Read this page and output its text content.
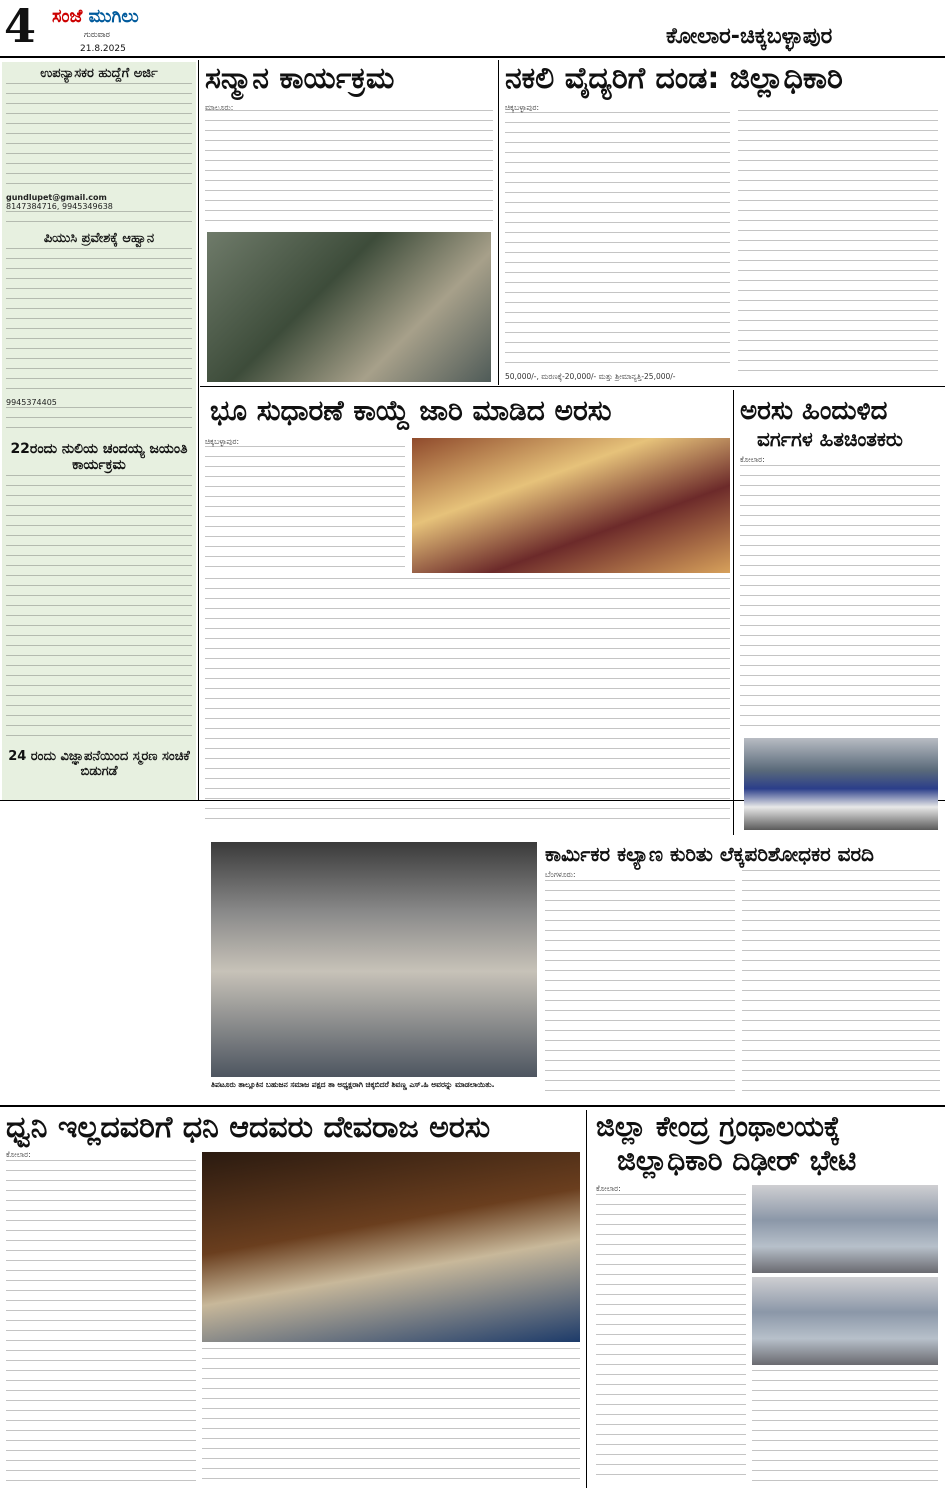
4 ಸಂಜೆ ಮುಗಿಲು
ಗುರುವಾರ
21.8.2025	ಕೋಲಾರ-ಚಿಕ್ಕಬಳ್ಳಾಪುರ
ಉಪನ್ಯಾಸಕರ ಹುದ್ದೆಗೆ ಅರ್ಜಿ
gundlupet@gmail.com
8147384716, 9945349638
ಪಿಯುಸಿ ಪ್ರವೇಶಕ್ಕೆ ಆಹ್ವಾನ
9945374405
22ರಂದು ನುಲಿಯ ಚಂದಯ್ಯ ಜಯಂತಿ ಕಾರ್ಯಕ್ರಮ
24 ರಂದು ವಿಜ್ಞಾಪನೆಯಿಂದ ಸ್ಮರಣ ಸಂಚಿಕೆ ಬಿಡುಗಡೆ
ಸನ್ಮಾನ ಕಾರ್ಯಕ್ರಮ
ಮಾಲೂರು:
ನಕಲಿ ವೈದ್ಯರಿಗೆ ದಂಡ: ಜಿಲ್ಲಾಧಿಕಾರಿ
ಚಿಕ್ಕಬಳ್ಳಾಪುರ:
50,000/-, ಮರಣಕ್ಕೆ-20,000/- ಮತ್ತು ಶ್ರೀಮಾನ್ಯತ್ತಿ-25,000/-
ಭೂ ಸುಧಾರಣೆ ಕಾಯ್ದೆ ಜಾರಿ ಮಾಡಿದ ಅರಸು
ಚಿಕ್ಕಬಳ್ಳಾಪುರ:
ಅರಸು ಹಿಂದುಳಿದ
ವರ್ಗಗಳ ಹಿತಚಿಂತಕರು
ಕೋಲಾರ:
ತಿಪಟೂರು ತಾಲ್ಲೂಕಿನ ಬಹುಜನ ಸಮಾಜ ಪಕ್ಷದ ತಾ ಅಧ್ಯಕ್ಷರಾಗಿ ಚಿಕ್ಕಬಿದರೆ ಶಿವಣ್ಣ ಎಸ್.ಹಿ ಅವರನ್ನು ಮಾಡಲಾಯಿತು.
ಕಾರ್ಮಿಕರ ಕಲ್ಯಾಣ ಕುರಿತು ಲೆಕ್ಕಪರಿಶೋಧಕರ ವರದಿ
ಬೆಂಗಳೂರು:
ಧ್ವನಿ ಇಲ್ಲದವರಿಗೆ ಧನಿ ಆದವರು ದೇವರಾಜ ಅರಸು
ಕೋಲಾರ:
ಜಿಲ್ಲಾ ಕೇಂದ್ರ ಗ್ರಂಥಾಲಯಕ್ಕೆ
ಜಿಲ್ಲಾಧಿಕಾರಿ ದಿಢೀರ್ ಭೇಟಿ
ಕೋಲಾರ:
